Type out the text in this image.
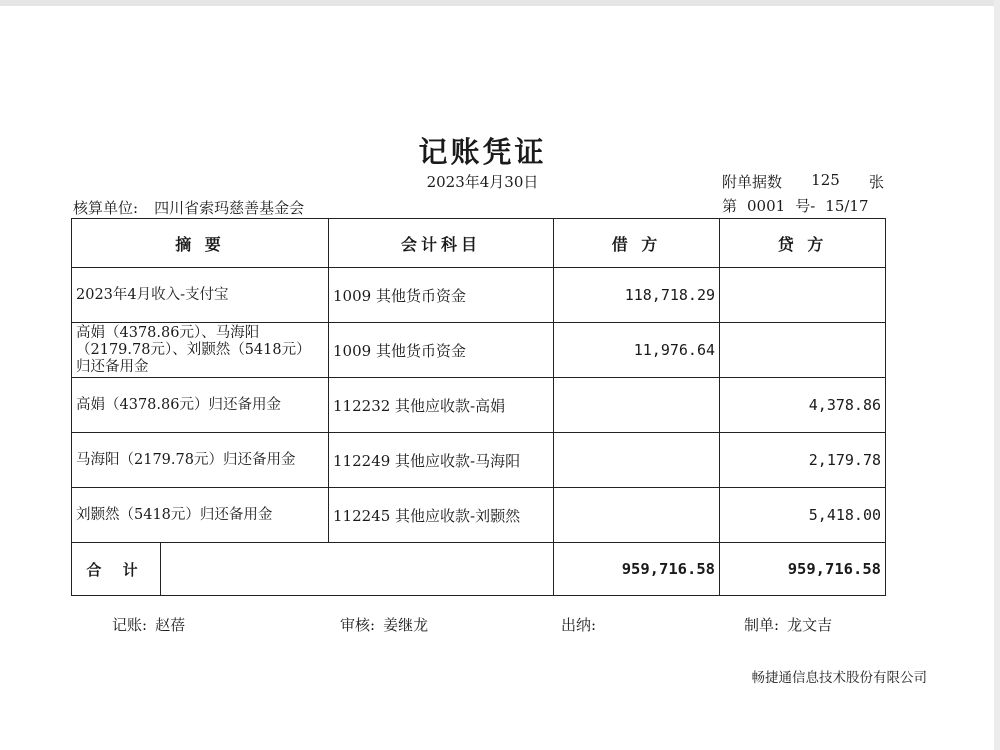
记账凭证
2023年4月30日	附单据数 125 张
核算单位: 四川省索玛慈善基金会	第 0001 号- 15/17
摘 要		会计科目	借 方	贷 方
2023年4月收入-支付宝		1009 其他货币资金	118,718.29	
高娟（4378.86元）、马海阳（2179.78元）、刘颢然（5418元）归还备用金		1009 其他货币资金	11,976.64	
高娟（4378.86元）归还备用金		112232 其他应收款-高娟		4,378.86
马海阳（2179.78元）归还备用金		112249 其他应收款-马海阳		2,179.78
刘颢然（5418元）归还备用金		112245 其他应收款-刘颢然		5,418.00
合 计			959,716.58	959,716.58
记账: 赵蓓	审核: 姜继龙	出纳:	制单: 龙文吉
畅捷通信息技术股份有限公司
